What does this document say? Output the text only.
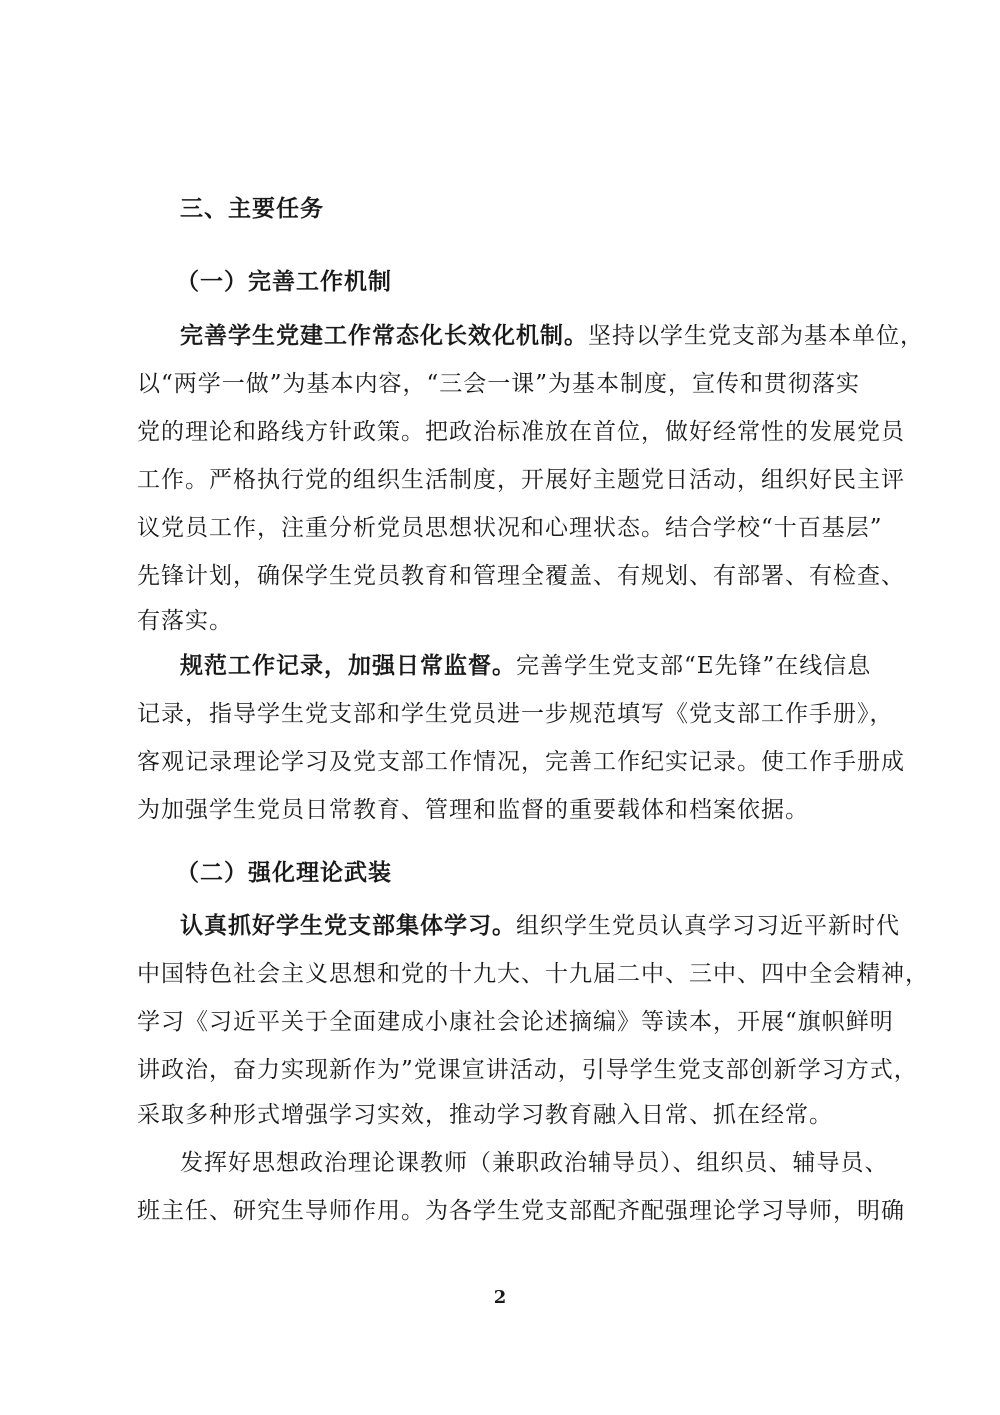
三、主要任务
（一）完善工作机制
完善学生党建工作常态化长效化机制。坚持以学生党支部为基本单位，
以“两学一做”为基本内容，“三会一课”为基本制度，宣传和贯彻落实
党的理论和路线方针政策。把政治标准放在首位，做好经常性的发展党员
工作。严格执行党的组织生活制度，开展好主题党日活动，组织好民主评
议党员工作，注重分析党员思想状况和心理状态。结合学校“十百基层”
先锋计划，确保学生党员教育和管理全覆盖、有规划、有部署、有检查、
有落实。
规范工作记录，加强日常监督。完善学生党支部“E先锋”在线信息
记录，指导学生党支部和学生党员进一步规范填写《党支部工作手册》，
客观记录理论学习及党支部工作情况，完善工作纪实记录。使工作手册成
为加强学生党员日常教育、管理和监督的重要载体和档案依据。
（二）强化理论武装
认真抓好学生党支部集体学习。组织学生党员认真学习习近平新时代
中国特色社会主义思想和党的十九大、十九届二中、三中、四中全会精神，
学习《习近平关于全面建成小康社会论述摘编》等读本，开展“旗帜鲜明
讲政治，奋力实现新作为”党课宣讲活动，引导学生党支部创新学习方式，
采取多种形式增强学习实效，推动学习教育融入日常、抓在经常。
发挥好思想政治理论课教师（兼职政治辅导员）、组织员、辅导员、
班主任、研究生导师作用。为各学生党支部配齐配强理论学习导师，明确
2
